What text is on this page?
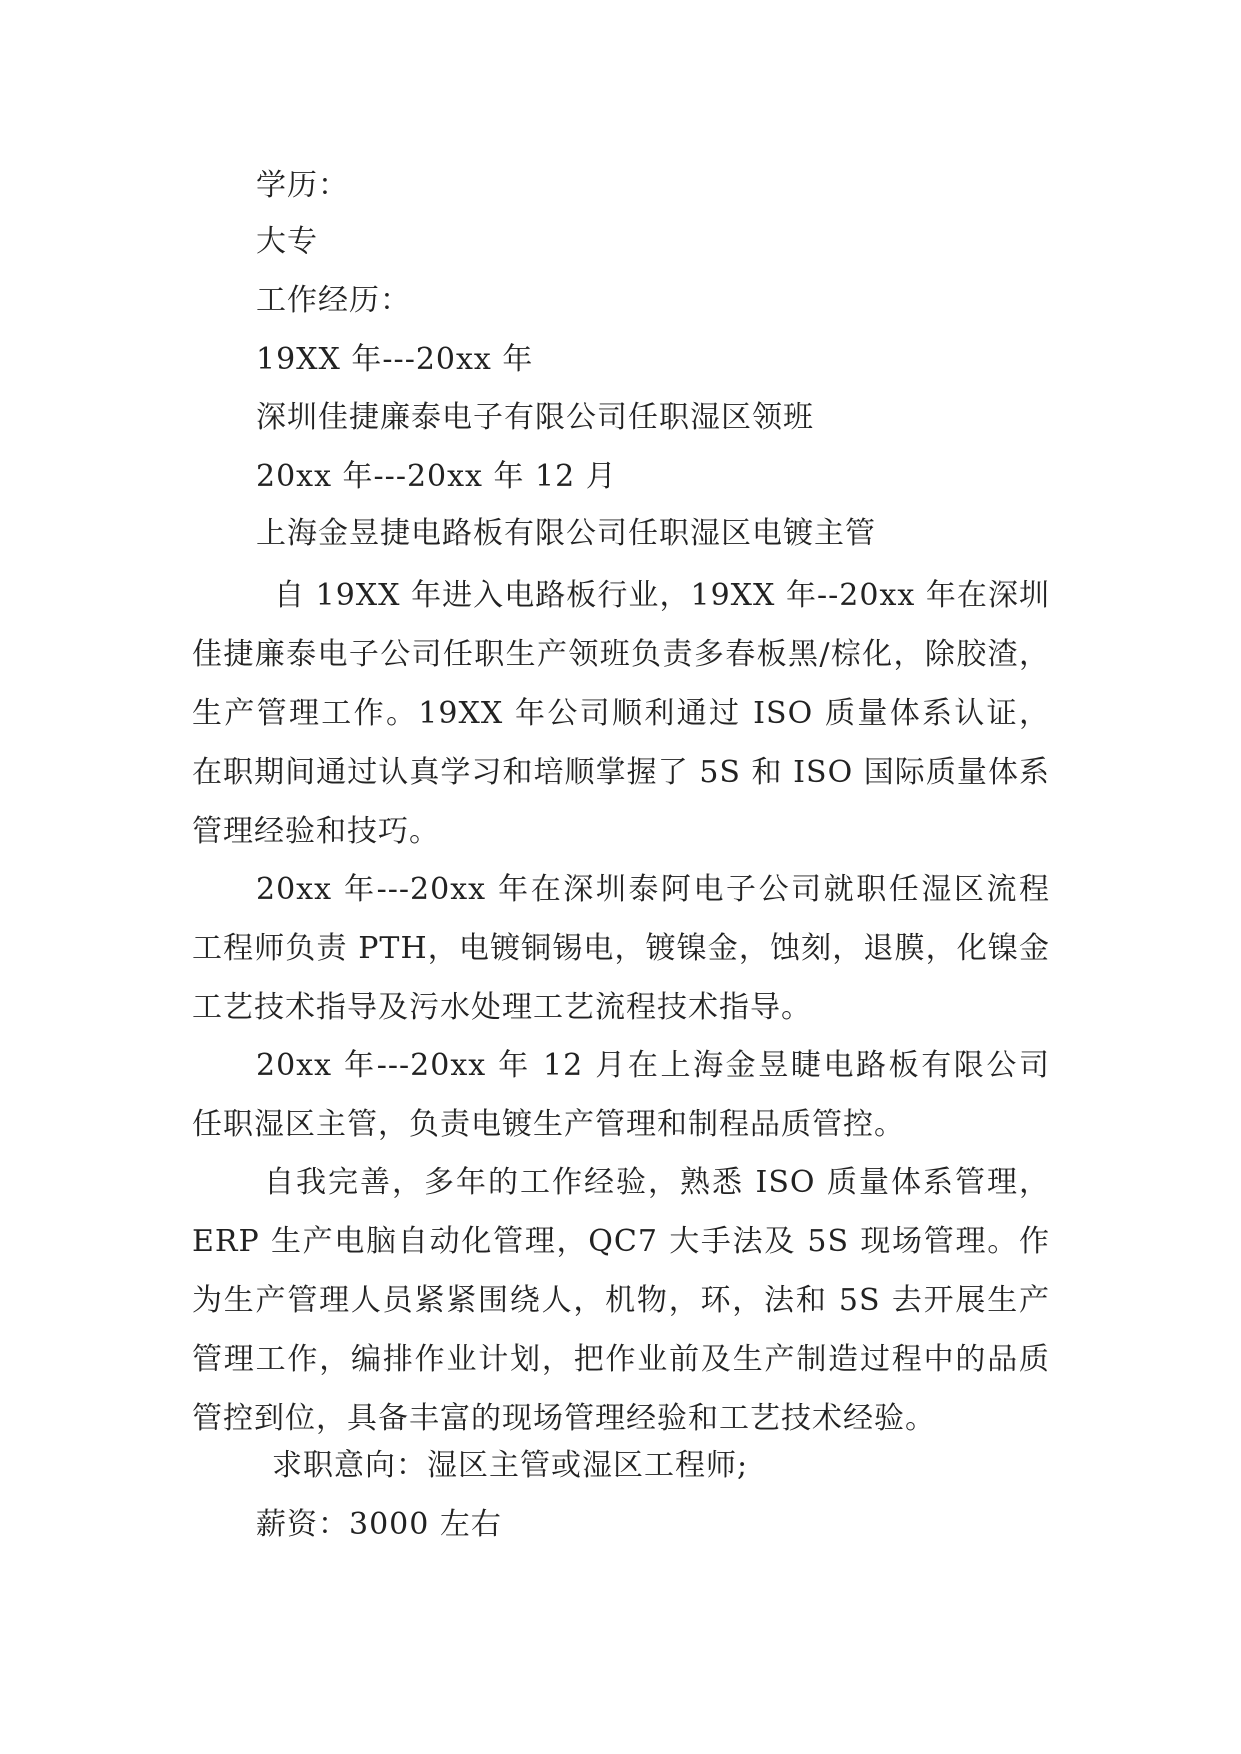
学历：

大专

工作经历：

19XX 年---20xx 年

深圳佳捷廉泰电子有限公司任职湿区领班

20xx 年---20xx 年 12 月

上海金昱捷电路板有限公司任职湿区电镀主管

自 19XX 年进入电路板行业，19XX 年--20xx 年在深圳佳捷廉泰电子公司任职生产领班负责多春板黑/棕化，除胶渣，生产管理工作。19XX 年公司顺利通过 ISO 质量体系认证，在职期间通过认真学习和培顺掌握了 5S 和 ISO 国际质量体系管理经验和技巧。

20xx 年---20xx 年在深圳泰阿电子公司就职任湿区流程工程师负责 PTH，电镀铜锡电，镀镍金，蚀刻，退膜，化镍金工艺技术指导及污水处理工艺流程技术指导。

20xx 年---20xx 年 12 月在上海金昱睫电路板有限公司任职湿区主管，负责电镀生产管理和制程品质管控。

自我完善，多年的工作经验，熟悉 ISO 质量体系管理，ERP 生产电脑自动化管理，QC7 大手法及 5S 现场管理。作为生产管理人员紧紧围绕人，机物，环，法和 5S 去开展生产管理工作，编排作业计划，把作业前及生产制造过程中的品质管控到位，具备丰富的现场管理经验和工艺技术经验。

求职意向：湿区主管或湿区工程师;

薪资：3000 左右
